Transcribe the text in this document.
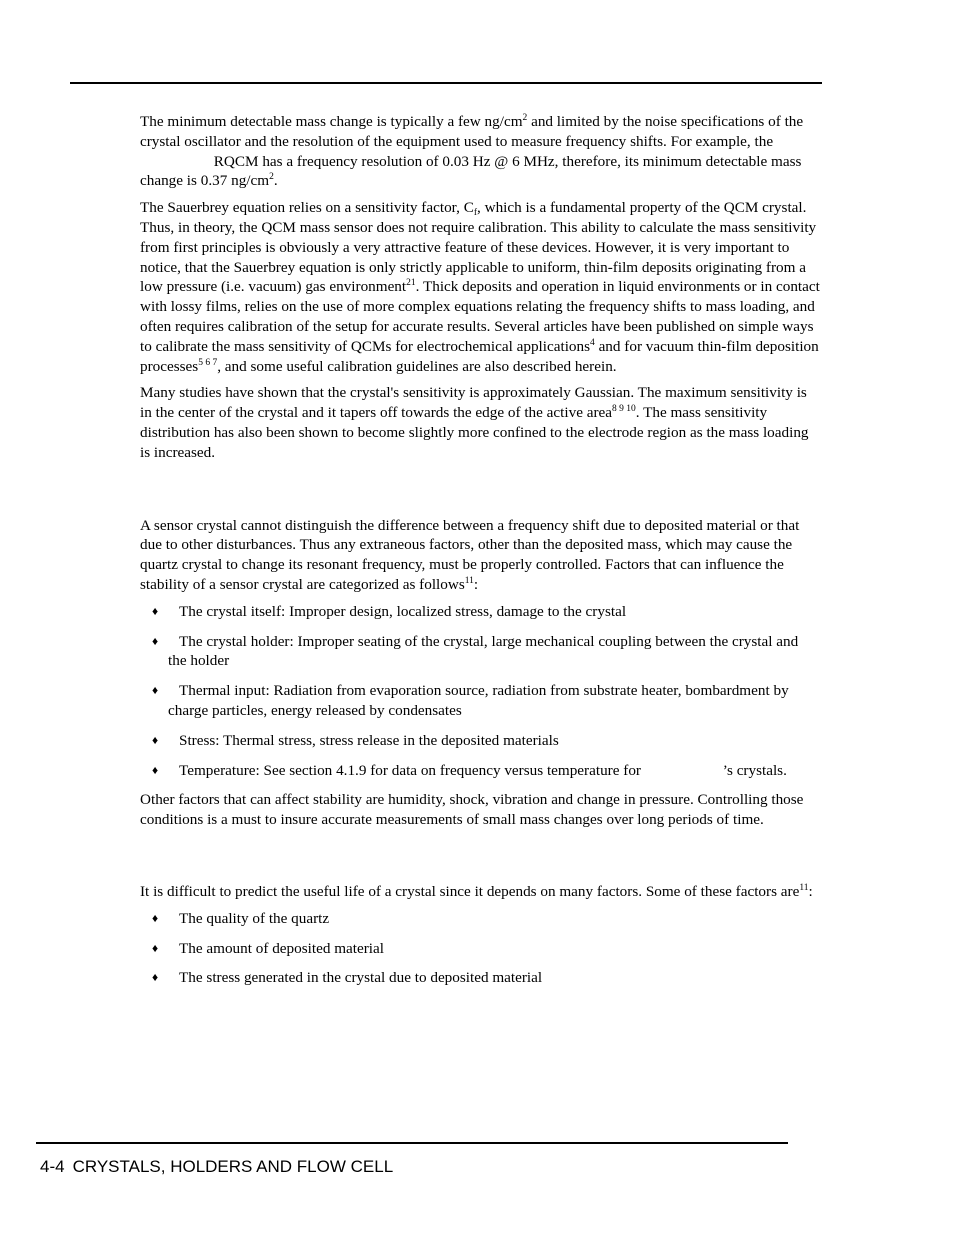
The minimum detectable mass change is typically a few $ng/cm^2$ and limited by the noise specifications of the crystal oscillator and the resolution of the equipment used to measure frequency shifts. For example, the  RQCM has a frequency resolution of 0.03 Hz @ 6 MHz, therefore, its minimum detectable mass change is 0.37 $ng/cm^2$.

The Sauerbrey equation relies on a sensitivity factor, $C_f$, which is a fundamental property of the QCM crystal. Thus, in theory, the QCM mass sensor does not require calibration. This ability to calculate the mass sensitivity from first principles is obviously a very attractive feature of these devices. However, it is very important to notice, that the Sauerbrey equation is only strictly applicable to uniform, thin-film deposits originating from a low pressure (i.e. vacuum) gas environment$^{21}$. Thick deposits and operation in liquid environments or in contact with lossy films, relies on the use of more complex equations relating the frequency shifts to mass loading, and often requires calibration of the setup for accurate results. Several articles have been published on simple ways to calibrate the mass sensitivity of QCMs for electrochemical applications$^4$ and for vacuum thin-film deposition processes$^{5 6 7}$, and some useful calibration guidelines are also described herein.

Many studies have shown that the crystal's sensitivity is approximately Gaussian. The maximum sensitivity is in the center of the crystal and it tapers off towards the edge of the active area$^{8 9 10}$. The mass sensitivity distribution has also been shown to become slightly more confined to the electrode region as the mass loading is increased.

A sensor crystal cannot distinguish the difference between a frequency shift due to deposited material or that due to other disturbances. Thus any extraneous factors, other than the deposited mass, which may cause the quartz crystal to change its resonant frequency, must be properly controlled. Factors that can influence the stability of a sensor crystal are categorized as follows$^{11}$:

♦ The crystal itself: Improper design, localized stress, damage to the crystal
♦ The crystal holder: Improper seating of the crystal, large mechanical coupling between the crystal and the holder
♦ Thermal input: Radiation from evaporation source, radiation from substrate heater, bombardment by charge particles, energy released by condensates
♦ Stress: Thermal stress, stress release in the deposited materials
♦ Temperature: See section 4.1.9 for data on frequency versus temperature for	’s crystals.

Other factors that can affect stability are humidity, shock, vibration and change in pressure. Controlling those conditions is a must to insure accurate measurements of small mass changes over long periods of time.

It is difficult to predict the useful life of a crystal since it depends on many factors. Some of these factors are$^{11}$:

♦ The quality of the quartz
♦ The amount of deposited material
♦ The stress generated in the crystal due to deposited material
4-4 CRYSTALS, HOLDERS AND FLOW CELL
